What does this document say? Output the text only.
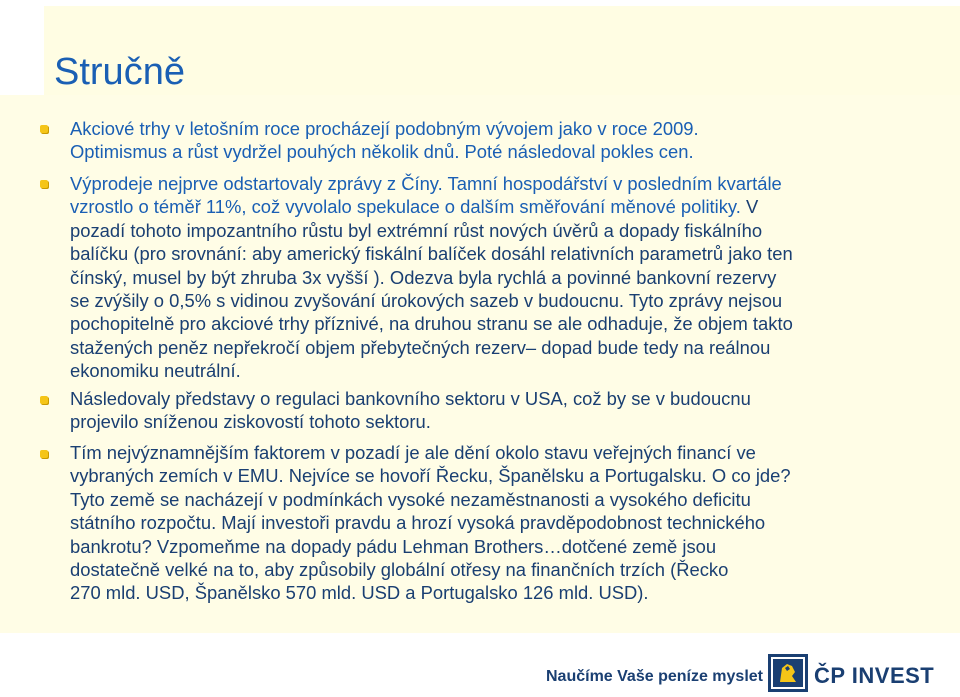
Stručně
Akciové trhy v letošním roce procházejí podobným vývojem jako v roce 2009.
Optimismus a růst vydržel pouhých několik dnů. Poté následoval pokles cen.
Výprodeje nejprve odstartovaly zprávy z Číny. Tamní hospodářství v posledním kvartále
vzrostlo o téměř 11%, což vyvolalo spekulace o dalším směřování měnové politiky. V
pozadí tohoto impozantního růstu byl extrémní růst nových úvěrů a dopady fiskálního
balíčku (pro srovnání: aby americký fiskální balíček dosáhl relativních parametrů jako ten
čínský, musel by být zhruba 3x vyšší ). Odezva byla rychlá a povinné bankovní rezervy
se zvýšily o 0,5% s vidinou zvyšování úrokových sazeb v budoucnu. Tyto zprávy nejsou
pochopitelně pro akciové trhy příznivé, na druhou stranu se ale odhaduje, že objem takto
stažených peněz nepřekročí objem přebytečných rezerv– dopad bude tedy na reálnou
ekonomiku neutrální.
Následovaly představy o regulaci bankovního sektoru v USA, což by se v budoucnu
projevilo sníženou ziskovostí tohoto sektoru.
Tím nejvýznamnějším faktorem v pozadí je ale dění okolo stavu veřejných financí ve
vybraných zemích v EMU. Nejvíce se hovoří Řecku, Španělsku a Portugalsku. O co jde?
Tyto země se nacházejí v podmínkách vysoké nezaměstnanosti a vysokého deficitu
státního rozpočtu. Mají investoři pravdu a hrozí vysoká pravděpodobnost technického
bankrotu? Vzpomeňme na dopady pádu Lehman Brothers…dotčené země jsou
dostatečně velké na to, aby způsobily globální otřesy na finančních trzích (Řecko
270 mld. USD, Španělsko 570 mld. USD a Portugalsko 126 mld. USD).
Naučíme Vaše peníze myslet ČP INVEST
